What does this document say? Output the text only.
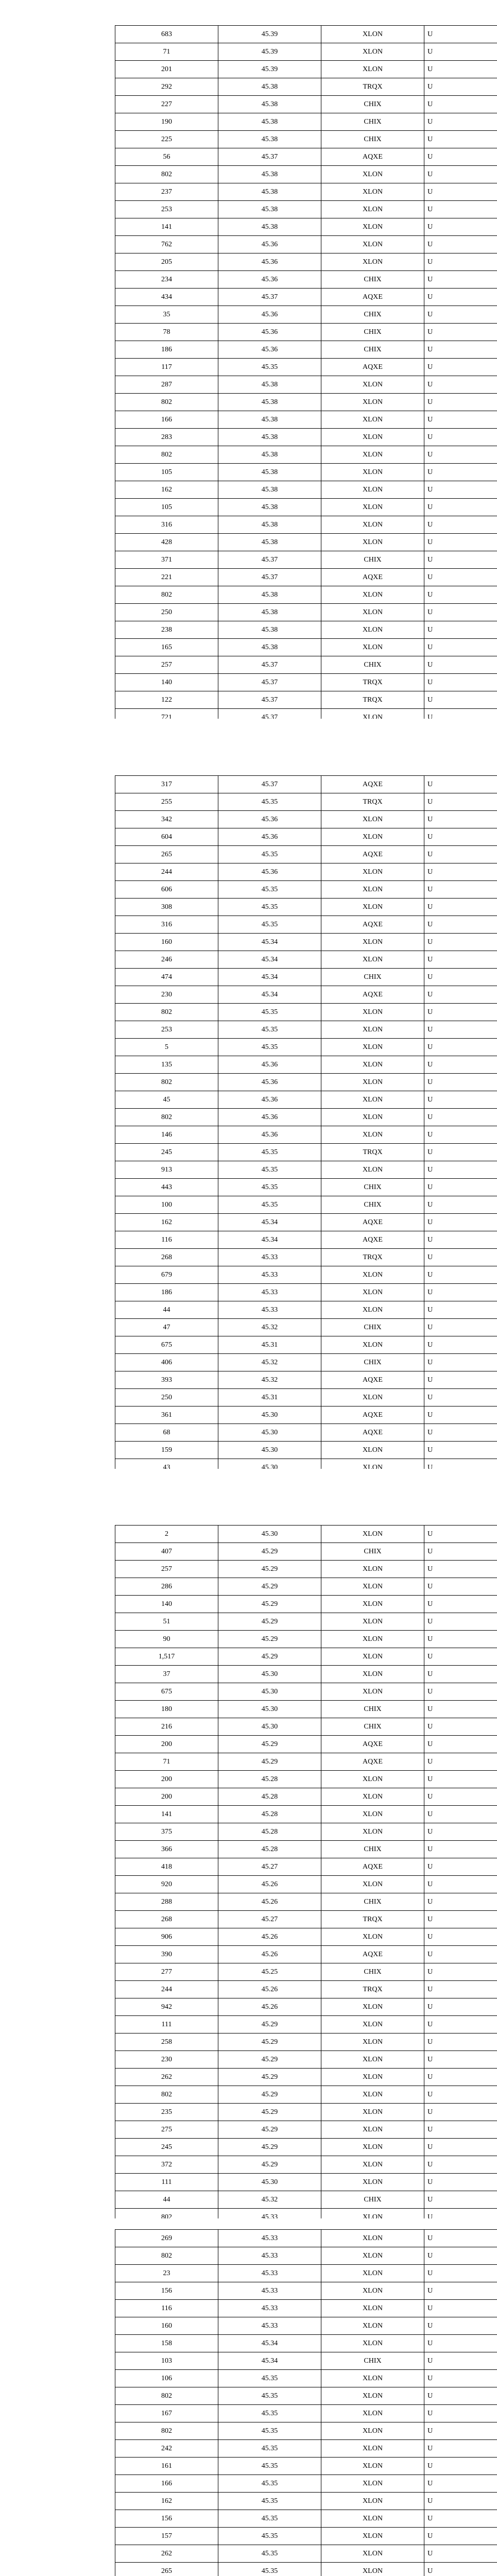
683	45.39	XLON	U
71	45.39	XLON	U
201	45.39	XLON	U
292	45.38	TRQX	U
227	45.38	CHIX	U
190	45.38	CHIX	U
225	45.38	CHIX	U
56	45.37	AQXE	U
802	45.38	XLON	U
237	45.38	XLON	U
253	45.38	XLON	U
141	45.38	XLON	U
762	45.36	XLON	U
205	45.36	XLON	U
234	45.36	CHIX	U
434	45.37	AQXE	U
35	45.36	CHIX	U
78	45.36	CHIX	U
186	45.36	CHIX	U
117	45.35	AQXE	U
287	45.38	XLON	U
802	45.38	XLON	U
166	45.38	XLON	U
283	45.38	XLON	U
802	45.38	XLON	U
105	45.38	XLON	U
162	45.38	XLON	U
105	45.38	XLON	U
316	45.38	XLON	U
428	45.38	XLON	U
371	45.37	CHIX	U
221	45.37	AQXE	U
802	45.38	XLON	U
250	45.38	XLON	U
238	45.38	XLON	U
165	45.38	XLON	U
257	45.37	CHIX	U
140	45.37	TRQX	U
122	45.37	TRQX	U
721	45.37	XLON	U
317	45.37	AQXE	U
255	45.35	TRQX	U
342	45.36	XLON	U
604	45.36	XLON	U
265	45.35	AQXE	U
244	45.36	XLON	U
606	45.35	XLON	U
308	45.35	XLON	U
316	45.35	AQXE	U
160	45.34	XLON	U
246	45.34	XLON	U
474	45.34	CHIX	U
230	45.34	AQXE	U
802	45.35	XLON	U
253	45.35	XLON	U
5	45.35	XLON	U
135	45.36	XLON	U
802	45.36	XLON	U
45	45.36	XLON	U
802	45.36	XLON	U
146	45.36	XLON	U
245	45.35	TRQX	U
913	45.35	XLON	U
443	45.35	CHIX	U
100	45.35	CHIX	U
162	45.34	AQXE	U
116	45.34	AQXE	U
268	45.33	TRQX	U
679	45.33	XLON	U
186	45.33	XLON	U
44	45.33	XLON	U
47	45.32	CHIX	U
675	45.31	XLON	U
406	45.32	CHIX	U
393	45.32	AQXE	U
250	45.31	XLON	U
361	45.30	AQXE	U
68	45.30	AQXE	U
159	45.30	XLON	U
43	45.30	XLON	U
2	45.30	XLON	U
407	45.29	CHIX	U
257	45.29	XLON	U
286	45.29	XLON	U
140	45.29	XLON	U
51	45.29	XLON	U
90	45.29	XLON	U
1,517	45.29	XLON	U
37	45.30	XLON	U
675	45.30	XLON	U
180	45.30	CHIX	U
216	45.30	CHIX	U
200	45.29	AQXE	U
71	45.29	AQXE	U
200	45.28	XLON	U
200	45.28	XLON	U
141	45.28	XLON	U
375	45.28	XLON	U
366	45.28	CHIX	U
418	45.27	AQXE	U
920	45.26	XLON	U
288	45.26	CHIX	U
268	45.27	TRQX	U
906	45.26	XLON	U
390	45.26	AQXE	U
277	45.25	CHIX	U
244	45.26	TRQX	U
942	45.26	XLON	U
111	45.29	XLON	U
258	45.29	XLON	U
230	45.29	XLON	U
262	45.29	XLON	U
802	45.29	XLON	U
235	45.29	XLON	U
275	45.29	XLON	U
245	45.29	XLON	U
372	45.29	XLON	U
111	45.30	XLON	U
44	45.32	CHIX	U
802	45.33	XLON	U
269	45.33	XLON	U
802	45.33	XLON	U
23	45.33	XLON	U
156	45.33	XLON	U
116	45.33	XLON	U
160	45.33	XLON	U
158	45.34	XLON	U
103	45.34	CHIX	U
106	45.35	XLON	U
802	45.35	XLON	U
167	45.35	XLON	U
802	45.35	XLON	U
242	45.35	XLON	U
161	45.35	XLON	U
166	45.35	XLON	U
162	45.35	XLON	U
156	45.35	XLON	U
157	45.35	XLON	U
262	45.35	XLON	U
265	45.35	XLON	U
